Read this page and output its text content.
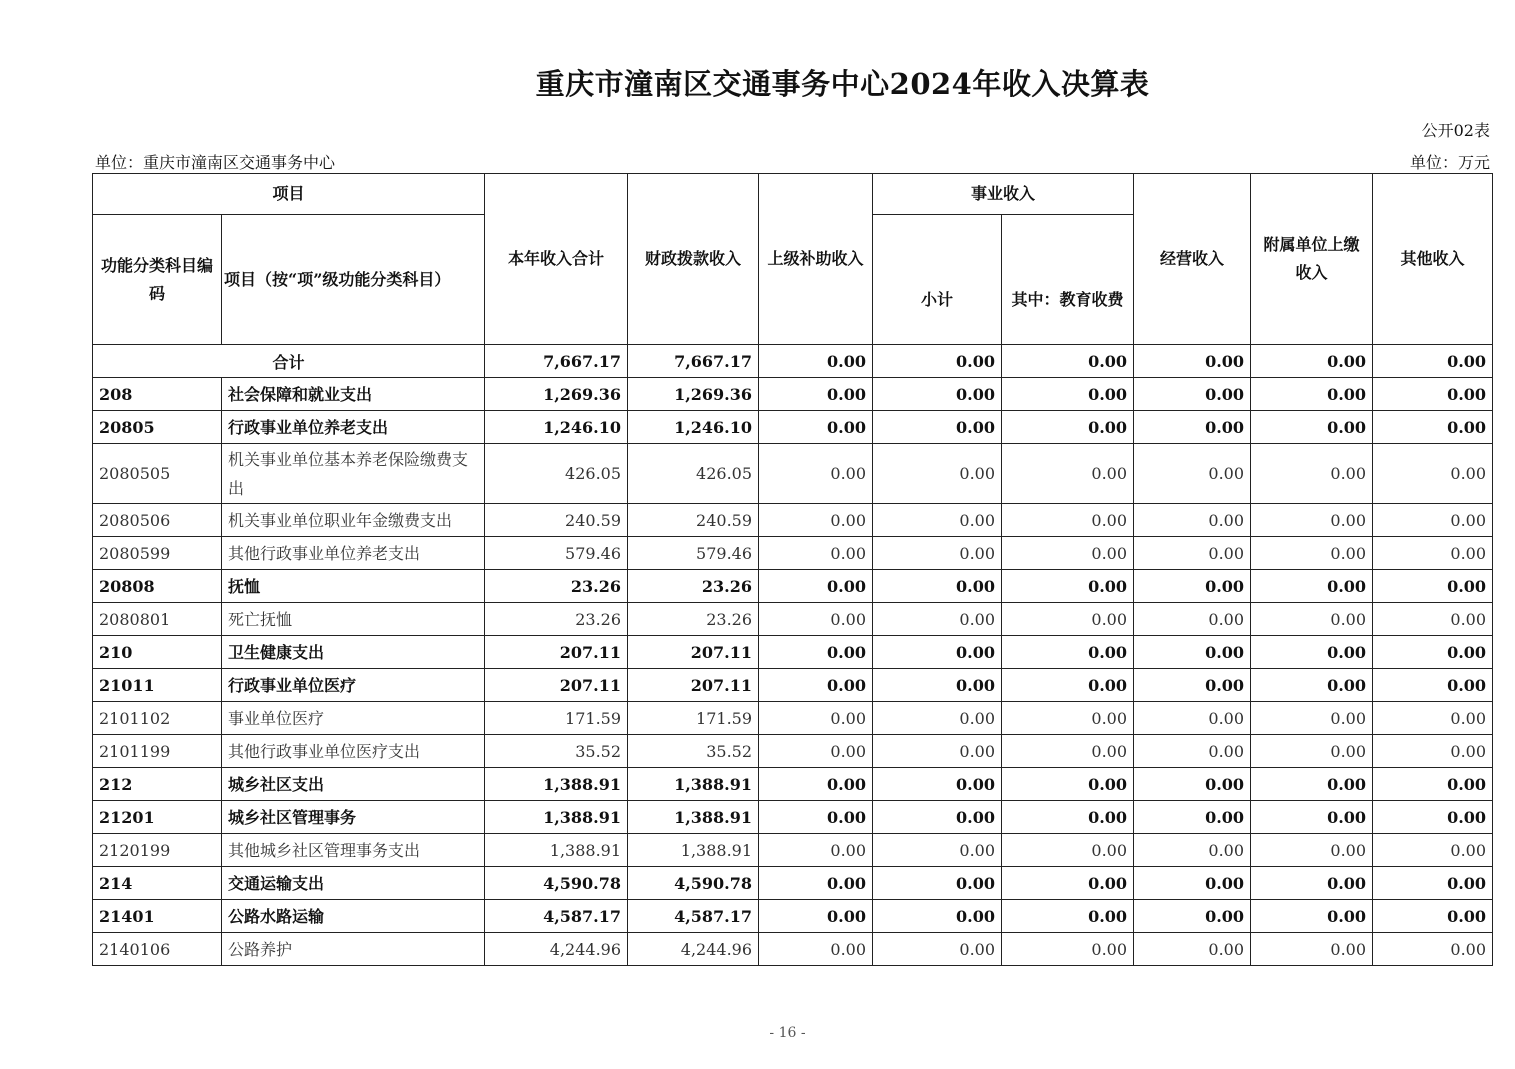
重庆市潼南区交通事务中心2024年收入决算表
公开02表
单位：重庆市潼南区交通事务中心	单位：万元
项目		本年收入合计	财政拨款收入	上级补助收入	事业收入		经营收入	附属单位上缴收入	其他收入
功能分类科目编码	项目（按“项”级功能分类科目）				小计	其中：教育收费			
合计		7,667.17	7,667.17	0.00	0.00	0.00	0.00	0.00	0.00
208	社会保障和就业支出	1,269.36	1,269.36	0.00	0.00	0.00	0.00	0.00	0.00
20805	行政事业单位养老支出	1,246.10	1,246.10	0.00	0.00	0.00	0.00	0.00	0.00
2080505	机关事业单位基本养老保险缴费支出	426.05	426.05	0.00	0.00	0.00	0.00	0.00	0.00
2080506	机关事业单位职业年金缴费支出	240.59	240.59	0.00	0.00	0.00	0.00	0.00	0.00
2080599	其他行政事业单位养老支出	579.46	579.46	0.00	0.00	0.00	0.00	0.00	0.00
20808	抚恤	23.26	23.26	0.00	0.00	0.00	0.00	0.00	0.00
2080801	死亡抚恤	23.26	23.26	0.00	0.00	0.00	0.00	0.00	0.00
210	卫生健康支出	207.11	207.11	0.00	0.00	0.00	0.00	0.00	0.00
21011	行政事业单位医疗	207.11	207.11	0.00	0.00	0.00	0.00	0.00	0.00
2101102	事业单位医疗	171.59	171.59	0.00	0.00	0.00	0.00	0.00	0.00
2101199	其他行政事业单位医疗支出	35.52	35.52	0.00	0.00	0.00	0.00	0.00	0.00
212	城乡社区支出	1,388.91	1,388.91	0.00	0.00	0.00	0.00	0.00	0.00
21201	城乡社区管理事务	1,388.91	1,388.91	0.00	0.00	0.00	0.00	0.00	0.00
2120199	其他城乡社区管理事务支出	1,388.91	1,388.91	0.00	0.00	0.00	0.00	0.00	0.00
214	交通运输支出	4,590.78	4,590.78	0.00	0.00	0.00	0.00	0.00	0.00
21401	公路水路运输	4,587.17	4,587.17	0.00	0.00	0.00	0.00	0.00	0.00
2140106	公路养护	4,244.96	4,244.96	0.00	0.00	0.00	0.00	0.00	0.00
- 16 -
